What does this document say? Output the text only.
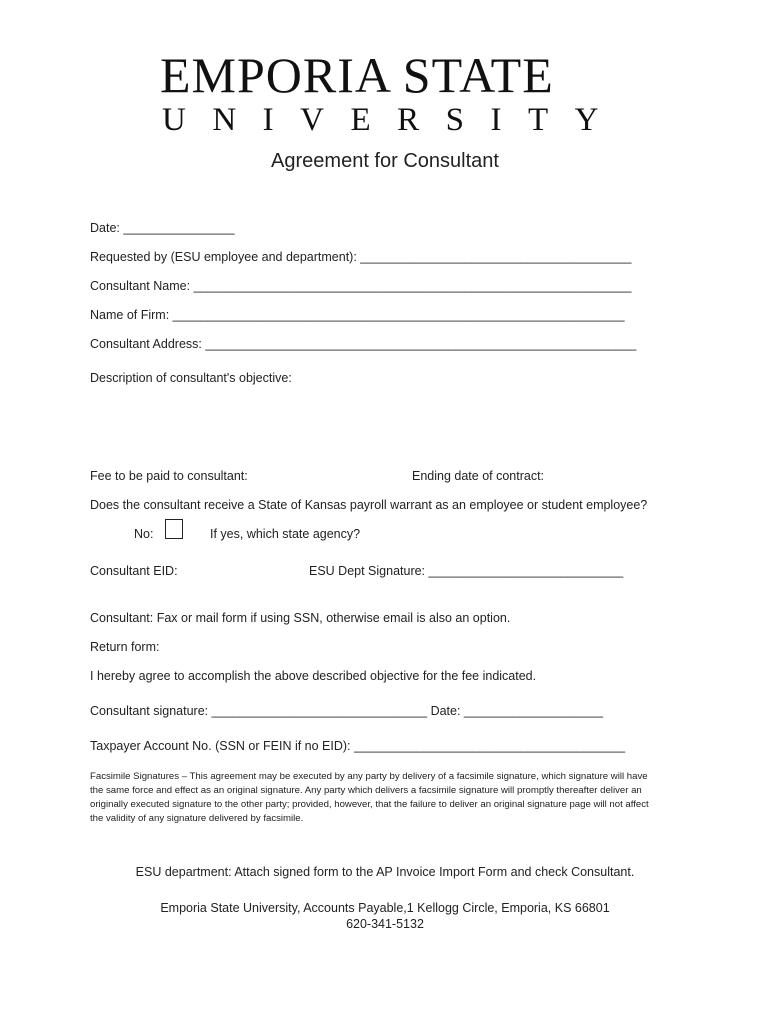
EMPORIA STATE
UNIVERSITY
Agreement for Consultant
Date: ________________
Requested by (ESU employee and department): _______________________________________
Consultant Name: _______________________________________________________________
Name of Firm: _________________________________________________________________
Consultant Address: ______________________________________________________________
Description of consultant's objective:
Fee to be paid to consultant:	Ending date of contract:
Does the consultant receive a State of Kansas payroll warrant as an employee or student employee?
No:	If yes, which state agency?
Consultant EID:	ESU Dept Signature: ____________________________
Consultant: Fax or mail form if using SSN, otherwise email is also an option.
Return form:
I hereby agree to accomplish the above described objective for the fee indicated.
Consultant signature: _______________________________ Date: ____________________
Taxpayer Account No. (SSN or FEIN if no EID): _______________________________________
Facsimile Signatures – This agreement may be executed by any party by delivery of a facsimile signature, which signature will have the same force and effect as an original signature. Any party which delivers a facsimile signature will promptly thereafter deliver an originally executed signature to the other party; provided, however, that the failure to deliver an original signature page will not affect the validity of any signature delivered by facsimile.
ESU department: Attach signed form to the AP Invoice Import Form and check Consultant.
Emporia State University, Accounts Payable,1 Kellogg Circle, Emporia, KS 66801
620-341-5132
